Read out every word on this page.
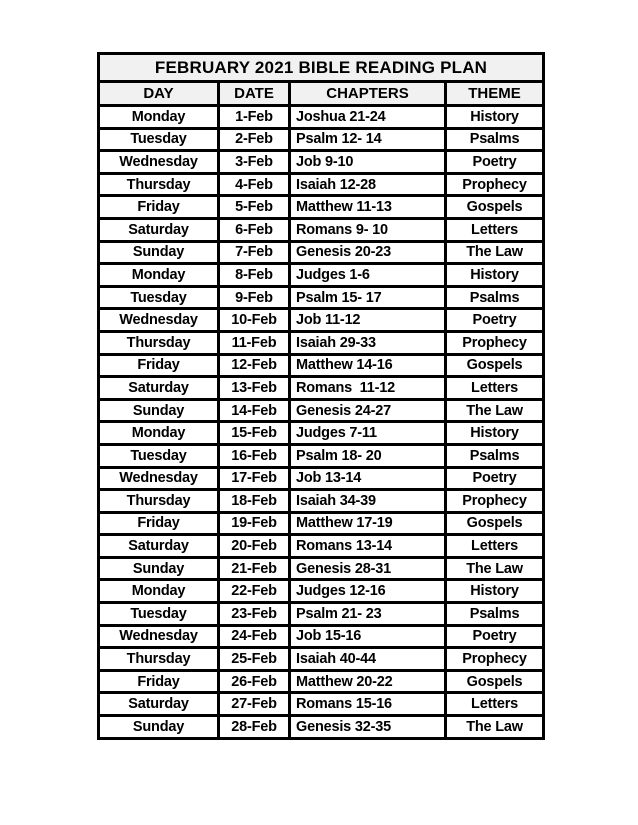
FEBRUARY 2021 BIBLE READING PLAN			
DAY	DATE	CHAPTERS	THEME
Monday	1-Feb	Joshua 21-24	History
Tuesday	2-Feb	Psalm 12- 14	Psalms
Wednesday	3-Feb	Job 9-10	Poetry
Thursday	4-Feb	Isaiah 12-28	Prophecy
Friday	5-Feb	Matthew 11-13	Gospels
Saturday	6-Feb	Romans 9- 10	Letters
Sunday	7-Feb	Genesis 20-23	The Law
Monday	8-Feb	Judges 1-6	History
Tuesday	9-Feb	Psalm 15- 17	Psalms
Wednesday	10-Feb	Job 11-12	Poetry
Thursday	11-Feb	Isaiah 29-33	Prophecy
Friday	12-Feb	Matthew 14-16	Gospels
Saturday	13-Feb	Romans  11-12	Letters
Sunday	14-Feb	Genesis 24-27	The Law
Monday	15-Feb	Judges 7-11	History
Tuesday	16-Feb	Psalm 18- 20	Psalms
Wednesday	17-Feb	Job 13-14	Poetry
Thursday	18-Feb	Isaiah 34-39	Prophecy
Friday	19-Feb	Matthew 17-19	Gospels
Saturday	20-Feb	Romans 13-14	Letters
Sunday	21-Feb	Genesis 28-31	The Law
Monday	22-Feb	Judges 12-16	History
Tuesday	23-Feb	Psalm 21- 23	Psalms
Wednesday	24-Feb	Job 15-16	Poetry
Thursday	25-Feb	Isaiah 40-44	Prophecy
Friday	26-Feb	Matthew 20-22	Gospels
Saturday	27-Feb	Romans 15-16	Letters
Sunday	28-Feb	Genesis 32-35	The Law
